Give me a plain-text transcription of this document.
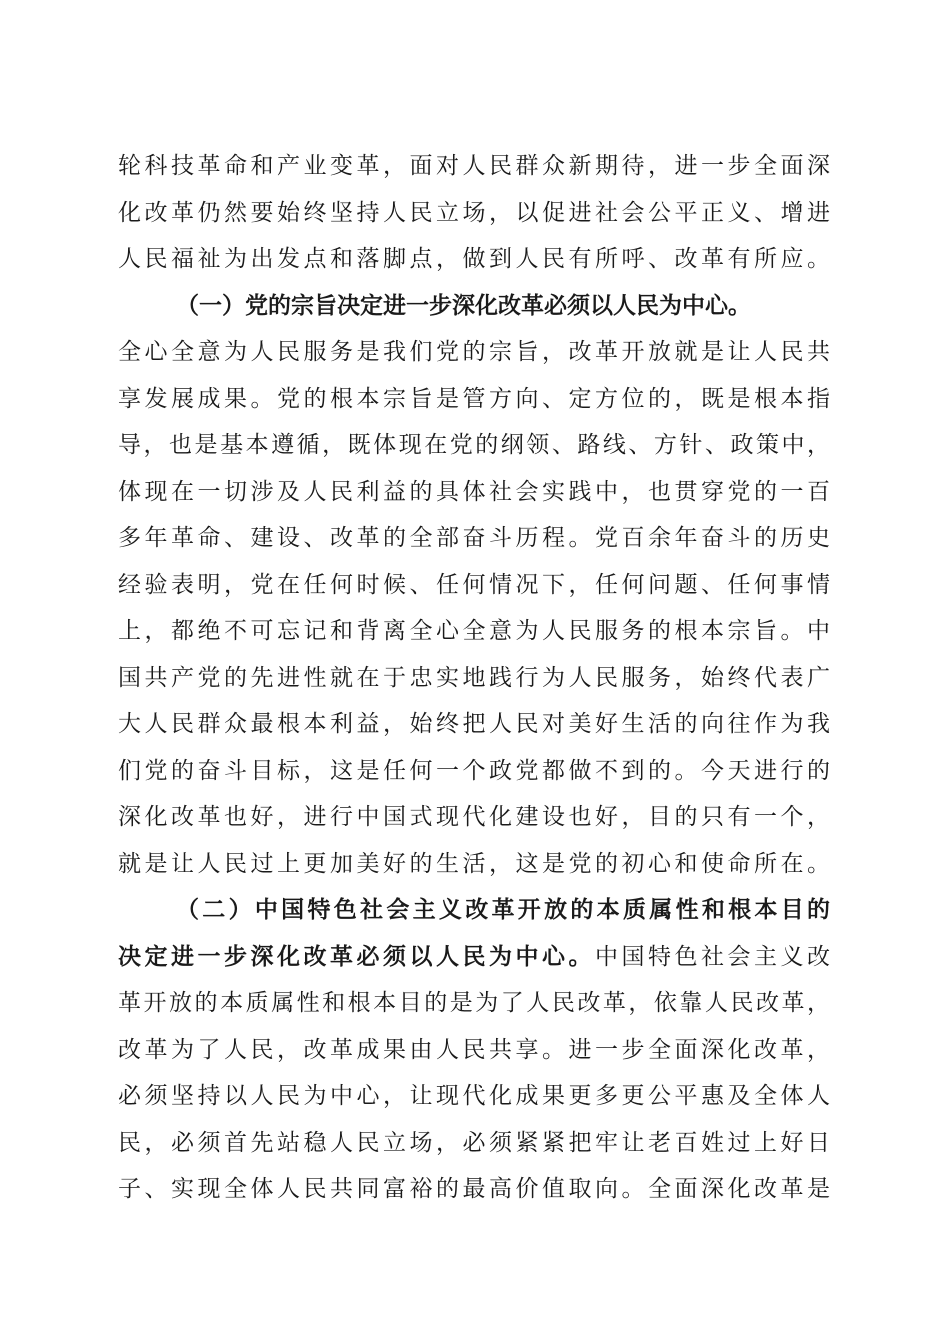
轮科技革命和产业变革，面对人民群众新期待，进一步全面深
化改革仍然要始终坚持人民立场，以促进社会公平正义、增进
人民福祉为出发点和落脚点，做到人民有所呼、改革有所应。
（一）党的宗旨决定进一步深化改革必须以人民为中心。
全心全意为人民服务是我们党的宗旨，改革开放就是让人民共
享发展成果。党的根本宗旨是管方向、定方位的，既是根本指
导，也是基本遵循，既体现在党的纲领、路线、方针、政策中，
体现在一切涉及人民利益的具体社会实践中，也贯穿党的一百
多年革命、建设、改革的全部奋斗历程。党百余年奋斗的历史
经验表明，党在任何时候、任何情况下，任何问题、任何事情
上，都绝不可忘记和背离全心全意为人民服务的根本宗旨。中
国共产党的先进性就在于忠实地践行为人民服务，始终代表广
大人民群众最根本利益，始终把人民对美好生活的向往作为我
们党的奋斗目标，这是任何一个政党都做不到的。今天进行的
深化改革也好，进行中国式现代化建设也好，目的只有一个，
就是让人民过上更加美好的生活，这是党的初心和使命所在。
（二）中国特色社会主义改革开放的本质属性和根本目的
决定进一步深化改革必须以人民为中心。中国特色社会主义改
革开放的本质属性和根本目的是为了人民改革，依靠人民改革，
改革为了人民，改革成果由人民共享。进一步全面深化改革，
必须坚持以人民为中心，让现代化成果更多更公平惠及全体人
民，必须首先站稳人民立场，必须紧紧把牢让老百姓过上好日
子、实现全体人民共同富裕的最高价值取向。全面深化改革是
